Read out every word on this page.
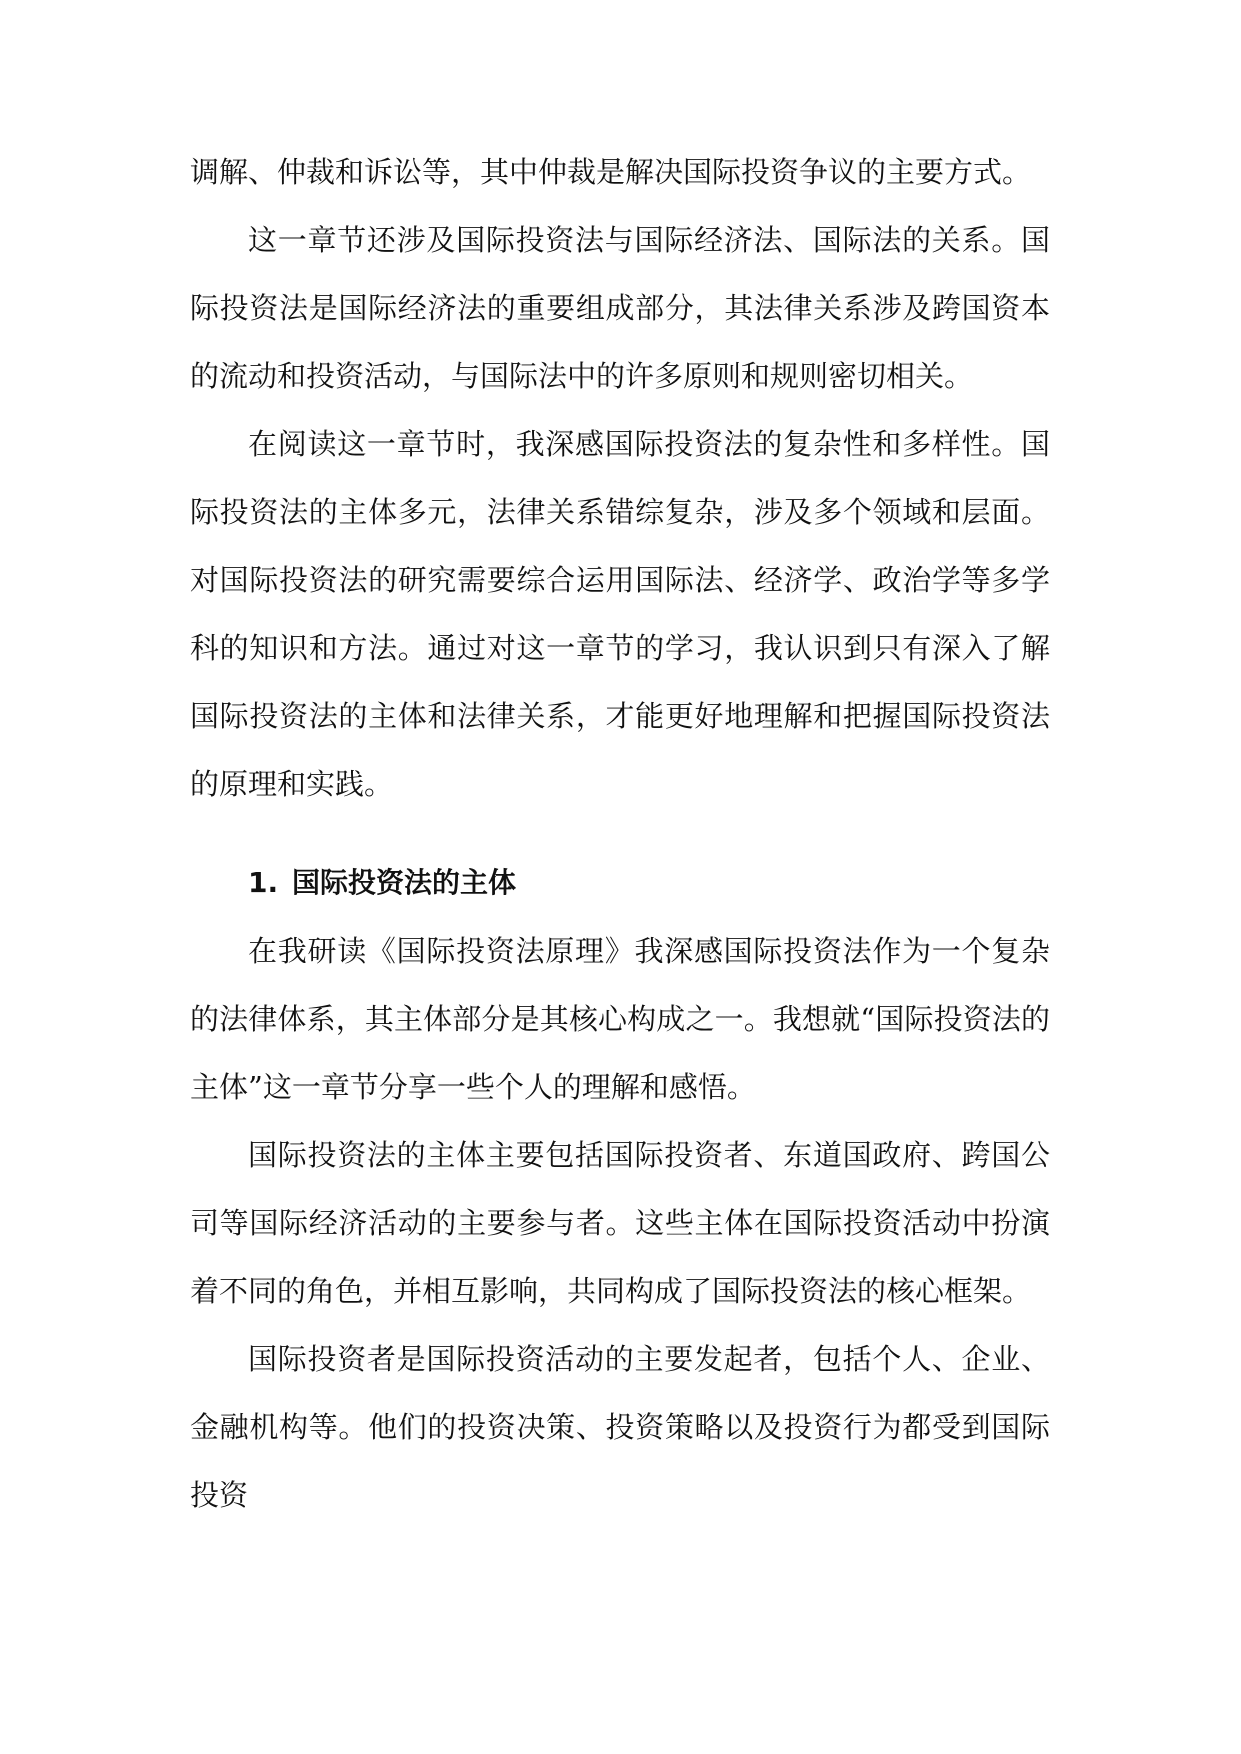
调解、仲裁和诉讼等，其中仲裁是解决国际投资争议的主要方式。

这一章节还涉及国际投资法与国际经济法、国际法的关系。国际投资法是国际经济法的重要组成部分，其法律关系涉及跨国资本的流动和投资活动，与国际法中的许多原则和规则密切相关。

在阅读这一章节时，我深感国际投资法的复杂性和多样性。国际投资法的主体多元，法律关系错综复杂，涉及多个领域和层面。对国际投资法的研究需要综合运用国际法、经济学、政治学等多学科的知识和方法。通过对这一章节的学习，我认识到只有深入了解国际投资法的主体和法律关系，才能更好地理解和把握国际投资法的原理和实践。

1. 国际投资法的主体

在我研读《国际投资法原理》我深感国际投资法作为一个复杂的法律体系，其主体部分是其核心构成之一。我想就“国际投资法的主体”这一章节分享一些个人的理解和感悟。

国际投资法的主体主要包括国际投资者、东道国政府、跨国公司等国际经济活动的主要参与者。这些主体在国际投资活动中扮演着不同的角色，并相互影响，共同构成了国际投资法的核心框架。

国际投资者是国际投资活动的主要发起者，包括个人、企业、金融机构等。他们的投资决策、投资策略以及投资行为都受到国际投资
